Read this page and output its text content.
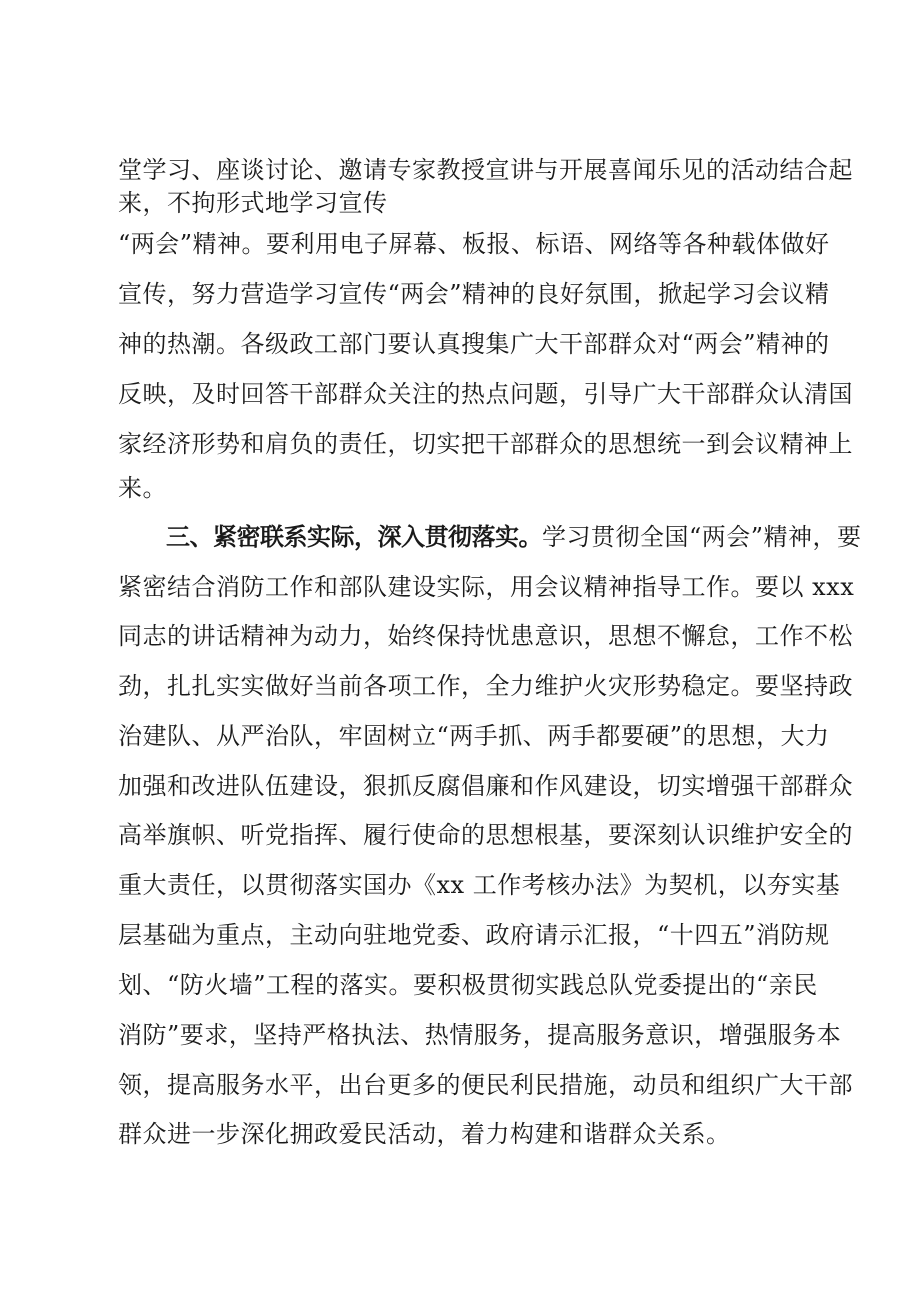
堂学习、座谈讨论、邀请专家教授宣讲与开展喜闻乐见的活动结合起
来，不拘形式地学习宣传
“两会”精神。要利用电子屏幕、板报、标语、网络等各种载体做好
宣传，努力营造学习宣传“两会”精神的良好氛围，掀起学习会议精
神的热潮。各级政工部门要认真搜集广大干部群众对“两会”精神的
反映，及时回答干部群众关注的热点问题，引导广大干部群众认清国
家经济形势和肩负的责任，切实把干部群众的思想统一到会议精神上
来。
三、紧密联系实际，深入贯彻落实。 学习贯彻全国“两会”精神，要
紧密结合消防工作和部队建设实际，用会议精神指导工作。要以 xxx
同志的讲话精神为动力，始终保持忧患意识，思想不懈怠，工作不松
劲，扎扎实实做好当前各项工作，全力维护火灾形势稳定。要坚持政
治建队、从严治队，牢固树立“两手抓、两手都要硬”的思想，大力
加强和改进队伍建设，狠抓反腐倡廉和作风建设，切实增强干部群众
高举旗帜、听党指挥、履行使命的思想根基，要深刻认识维护安全的
重大责任，以贯彻落实国办《xx 工作考核办法》为契机，以夯实基
层基础为重点，主动向驻地党委、政府请示汇报，“十四五”消防规
划、“防火墙”工程的落实。要积极贯彻实践总队党委提出的“亲民
消防”要求，坚持严格执法、热情服务，提高服务意识，增强服务本
领，提高服务水平，出台更多的便民利民措施，动员和组织广大干部
群众进一步深化拥政爱民活动，着力构建和谐群众关系。
